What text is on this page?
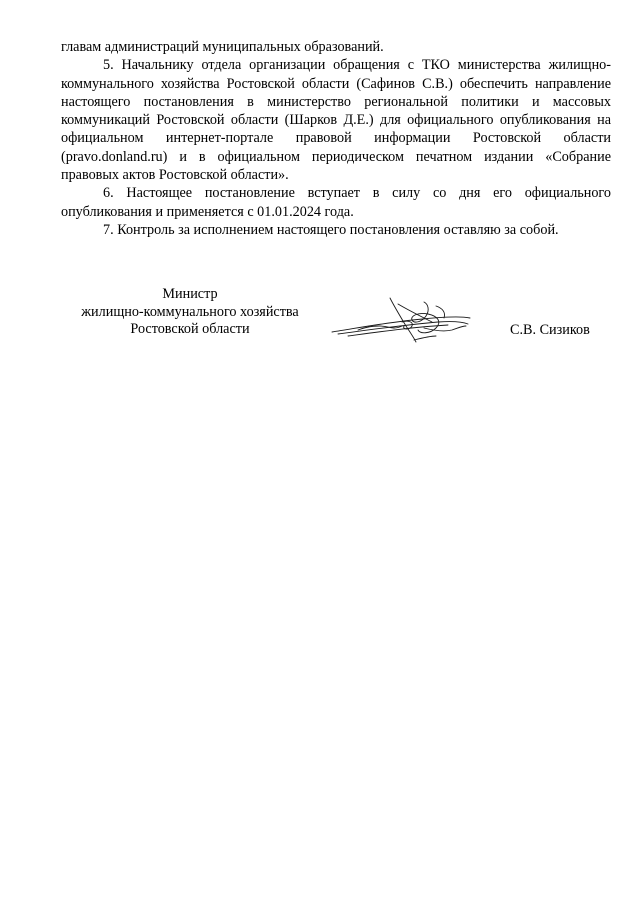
главам администраций муниципальных образований.

5. Начальнику отдела организации обращения с ТКО министерства жилищно-коммунального хозяйства Ростовской области (Сафинов С.В.) обеспечить направление настоящего постановления в министерство региональной политики и массовых коммуникаций Ростовской области (Шарков Д.Е.) для официального опубликования на официальном интернет-портале правовой информации Ростовской области (pravo.donland.ru) и в официальном периодическом печатном издании «Собрание правовых актов Ростовской области».

6. Настоящее постановление вступает в силу со дня его официального опубликования и применяется с 01.01.2024 года.

7. Контроль за исполнением настоящего постановления оставляю за собой.

Министр
жилищно-коммунального хозяйства
Ростовской области	С.В. Сизиков
